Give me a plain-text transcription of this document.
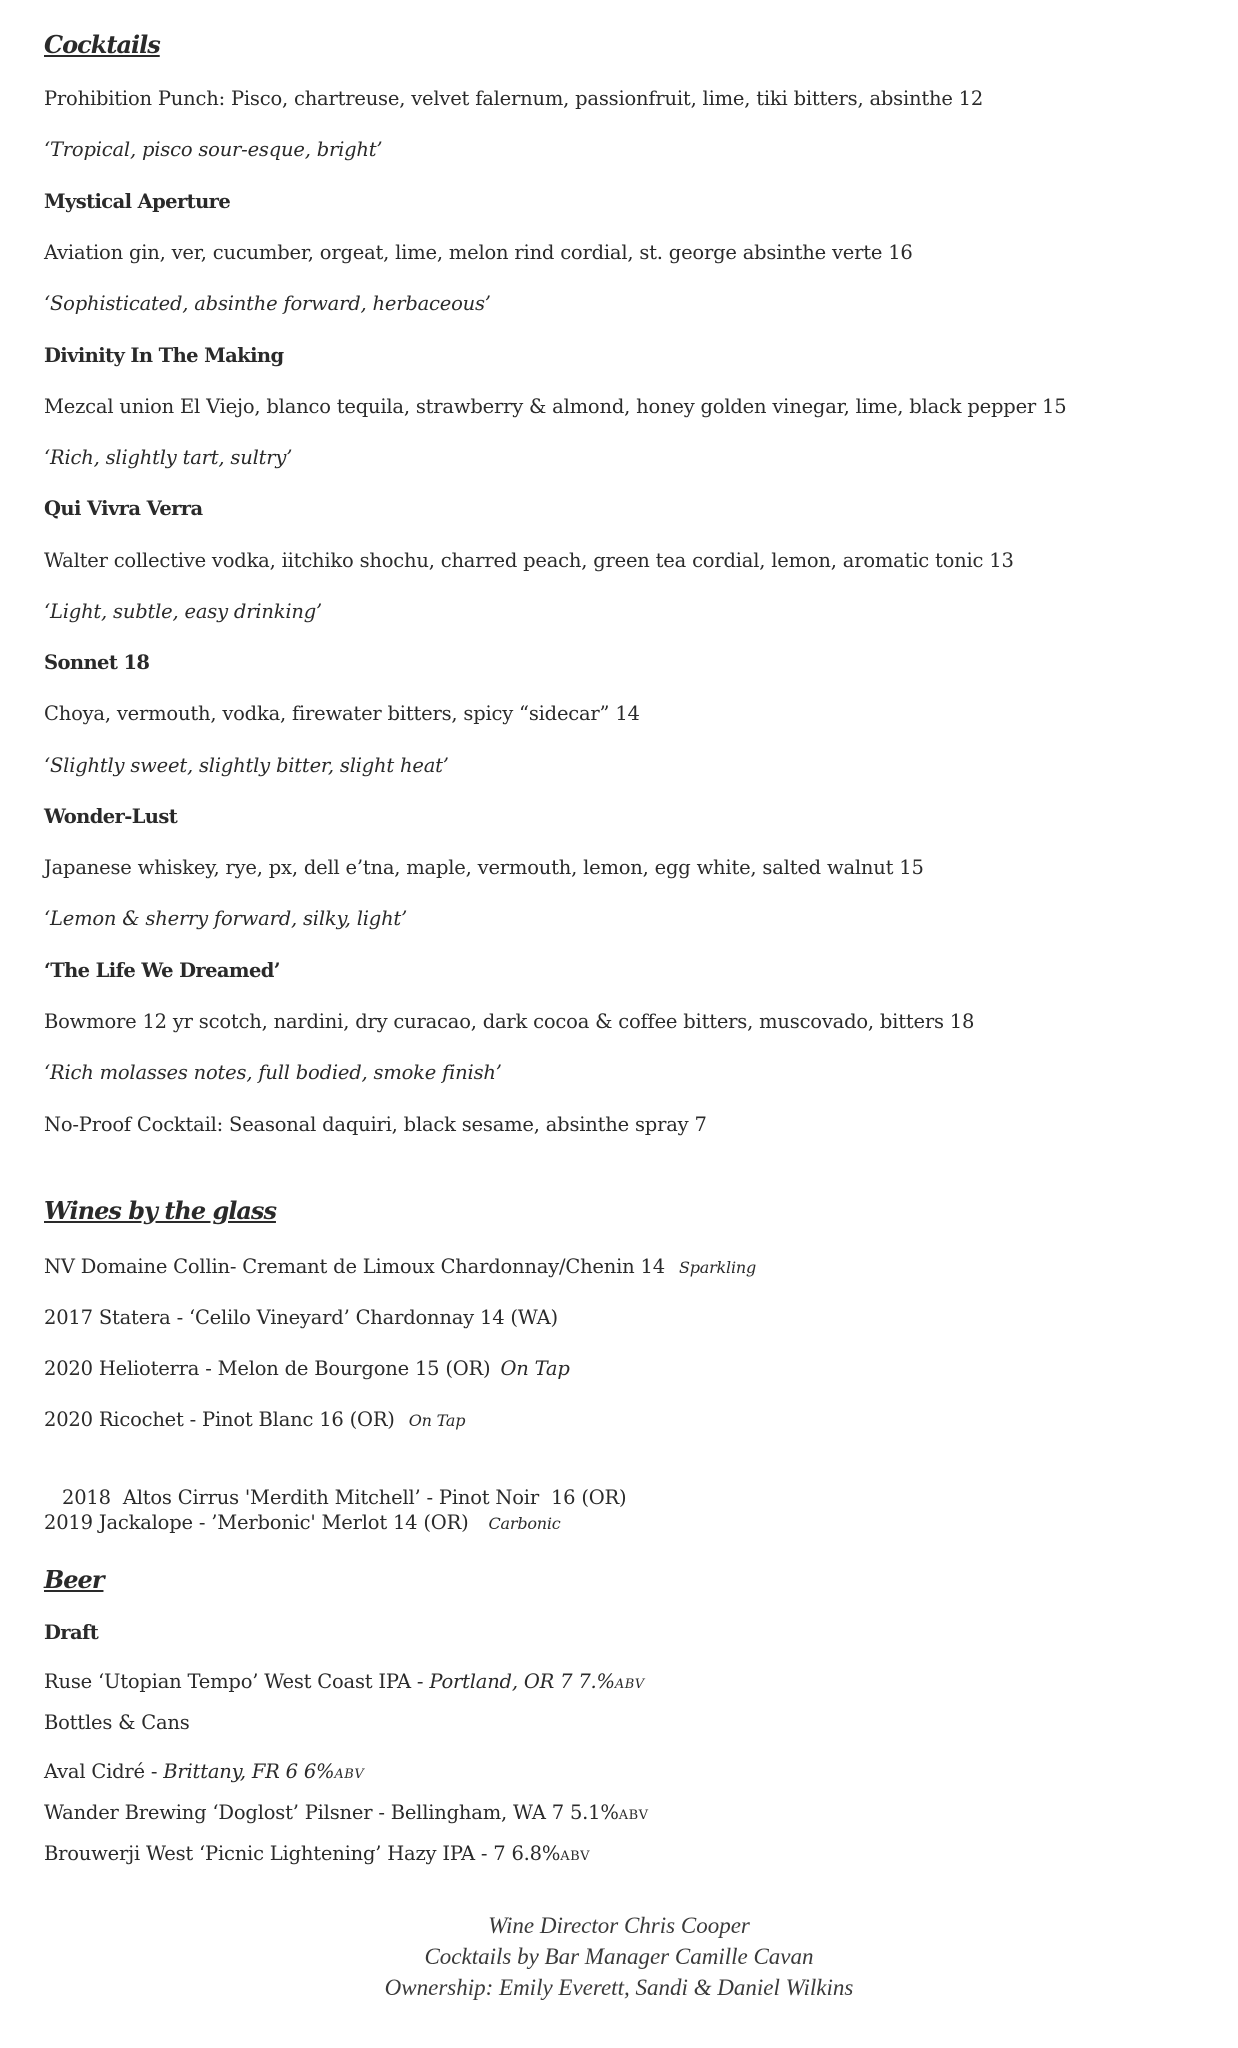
Cocktails
Prohibition Punch: Pisco, chartreuse, velvet falernum, passionfruit, lime, tiki bitters, absinthe 12
‘Tropical, pisco sour-esque, bright’
Mystical Aperture
Aviation gin, ver, cucumber, orgeat, lime, melon rind cordial, st. george absinthe verte 16
‘Sophisticated, absinthe forward, herbaceous’
Divinity In The Making
Mezcal union El Viejo, blanco tequila, strawberry & almond, honey golden vinegar, lime, black pepper 15
‘Rich, slightly tart, sultry’
Qui Vivra Verra
Walter collective vodka, iitchiko shochu, charred peach, green tea cordial, lemon, aromatic tonic 13
‘Light, subtle, easy drinking’
Sonnet 18
Choya, vermouth, vodka, firewater bitters, spicy “sidecar” 14
‘Slightly sweet, slightly bitter, slight heat’
Wonder-Lust
Japanese whiskey, rye, px, dell e’tna, maple, vermouth, lemon, egg white, salted walnut 15
‘Lemon & sherry forward, silky, light’
‘The Life We Dreamed’
Bowmore 12 yr scotch, nardini, dry curacao, dark cocoa & coffee bitters, muscovado, bitters 18
‘Rich molasses notes, full bodied, smoke finish’
No-Proof Cocktail: Seasonal daquiri, black sesame, absinthe spray 7
Wines by the glass
NV Domaine Collin- Cremant de Limoux Chardonnay/Chenin 14 Sparkling
2017 Statera - ‘Celilo Vineyard’ Chardonnay 14 (WA)
2020 Helioterra - Melon de Bourgone 15 (OR) On Tap
2020 Ricochet - Pinot Blanc 16 (OR) On Tap

2018  Altos Cirrus 'Merdith Mitchell’ - Pinot Noir  16 (OR)

2019 Jackalope - ’Merbonic' Merlot 14 (OR) Carbonic
Beer
Draft
Ruse ‘Utopian Tempo’ West Coast IPA - Portland, OR 7 7.%ABV
Bottles & Cans
Aval Cidré - Brittany, FR 6 6%ABV
Wander Brewing ‘Doglost’ Pilsner - Bellingham, WA 7 5.1%ABV
Brouwerji West ‘Picnic Lightening’ Hazy IPA - 7 6.8%ABV
Wine Director Chris Cooper
Cocktails by Bar Manager Camille Cavan
Ownership: Emily Everett, Sandi & Daniel Wilkins
